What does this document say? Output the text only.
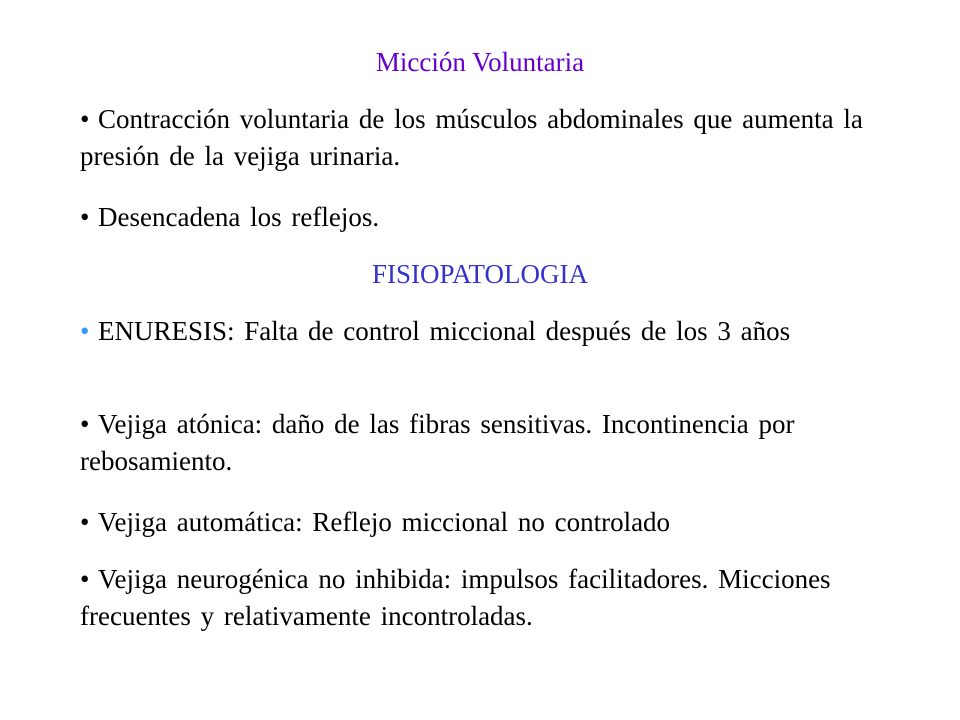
Micción Voluntaria

• Contracción voluntaria de los músculos abdominales que aumenta la presión de la vejiga urinaria.

• Desencadena los reflejos.

FISIOPATOLOGIA

• ENURESIS: Falta de control miccional después de los 3 años

• Vejiga atónica: daño de las fibras sensitivas. Incontinencia por rebosamiento.

• Vejiga automática: Reflejo miccional no controlado

• Vejiga neurogénica no inhibida: impulsos facilitadores. Micciones frecuentes y relativamente incontroladas.
